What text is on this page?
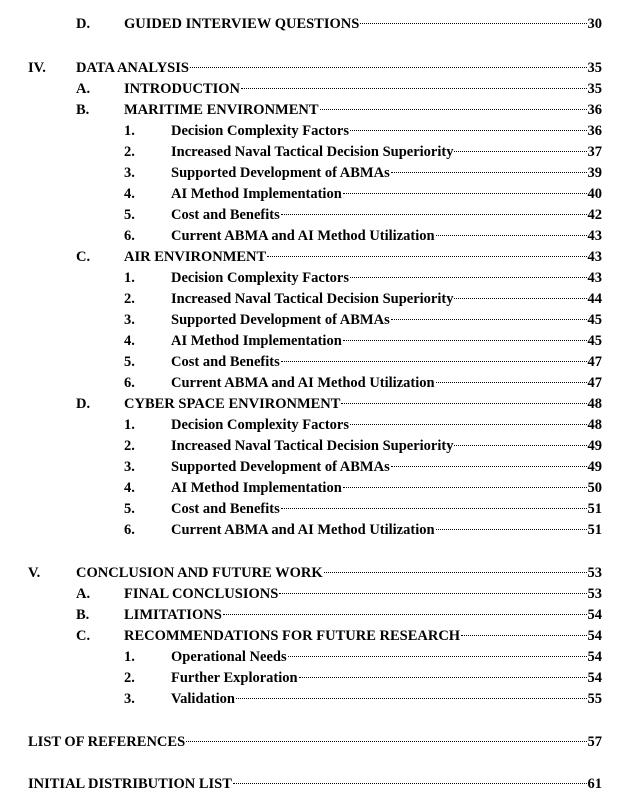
D. GUIDED INTERVIEW QUESTIONS	30
IV. DATA ANALYSIS	35
A. INTRODUCTION	35
B. MARITIME ENVIRONMENT	36
1. Decision Complexity Factors	36
2. Increased Naval Tactical Decision Superiority	37
3. Supported Development of ABMAs	39
4. AI Method Implementation	40
5. Cost and Benefits	42
6. Current ABMA and AI Method Utilization	43
C. AIR ENVIRONMENT	43
1. Decision Complexity Factors	43
2. Increased Naval Tactical Decision Superiority	44
3. Supported Development of ABMAs	45
4. AI Method Implementation	45
5. Cost and Benefits	47
6. Current ABMA and AI Method Utilization	47
D. CYBER SPACE ENVIRONMENT	48
1. Decision Complexity Factors	48
2. Increased Naval Tactical Decision Superiority	49
3. Supported Development of ABMAs	49
4. AI Method Implementation	50
5. Cost and Benefits	51
6. Current ABMA and AI Method Utilization	51
V. CONCLUSION AND FUTURE WORK	53
A. FINAL CONCLUSIONS	53
B. LIMITATIONS	54
C. RECOMMENDATIONS FOR FUTURE RESEARCH	54
1. Operational Needs	54
2. Further Exploration	54
3. Validation	55
LIST OF REFERENCES	57
INITIAL DISTRIBUTION LIST	61
